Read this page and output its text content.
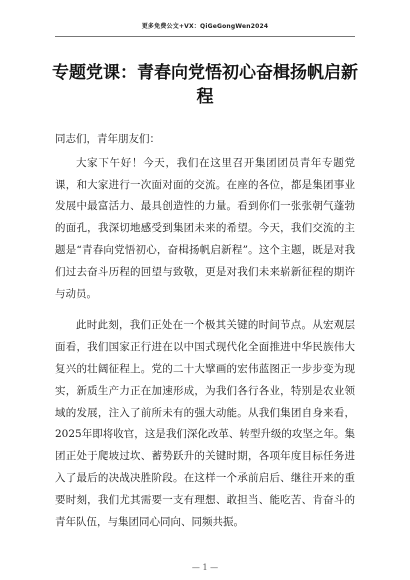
更多免费公文+VX：QiGeGongWen2024
专题党课：青春向党悟初心奋楫扬帆启新程

同志们，青年朋友们：

大家下午好！今天，我们在这里召开集团团员青年专题党课，和大家进行一次面对面的交流。在座的各位，都是集团事业发展中最富活力、最具创造性的力量。看到你们一张张朝气蓬勃的面孔，我深切地感受到集团未来的希望。今天，我们交流的主题是“青春向党悟初心，奋楫扬帆启新程”。这个主题，既是对我们过去奋斗历程的回望与致敬，更是对我们未来崭新征程的期许与动员。

此时此刻，我们正处在一个极其关键的时间节点。从宏观层面看，我们国家正行进在以中国式现代化全面推进中华民族伟大复兴的壮阔征程上。党的二十大擘画的宏伟蓝图正一步步变为现实，新质生产力正在加速形成，为我们各行各业，特别是农业领域的发展，注入了前所未有的强大动能。从我们集团自身来看，2025年即将收官，这是我们深化改革、转型升级的攻坚之年。集团正处于爬坡过坎、蓄势跃升的关键时期，各项年度目标任务进入了最后的决战决胜阶段。在这样一个承前启后、继往开来的重要时刻，我们尤其需要一支有理想、敢担当、能吃苦、肯奋斗的青年队伍，与集团同心同向、同频共振。

— 1 —
